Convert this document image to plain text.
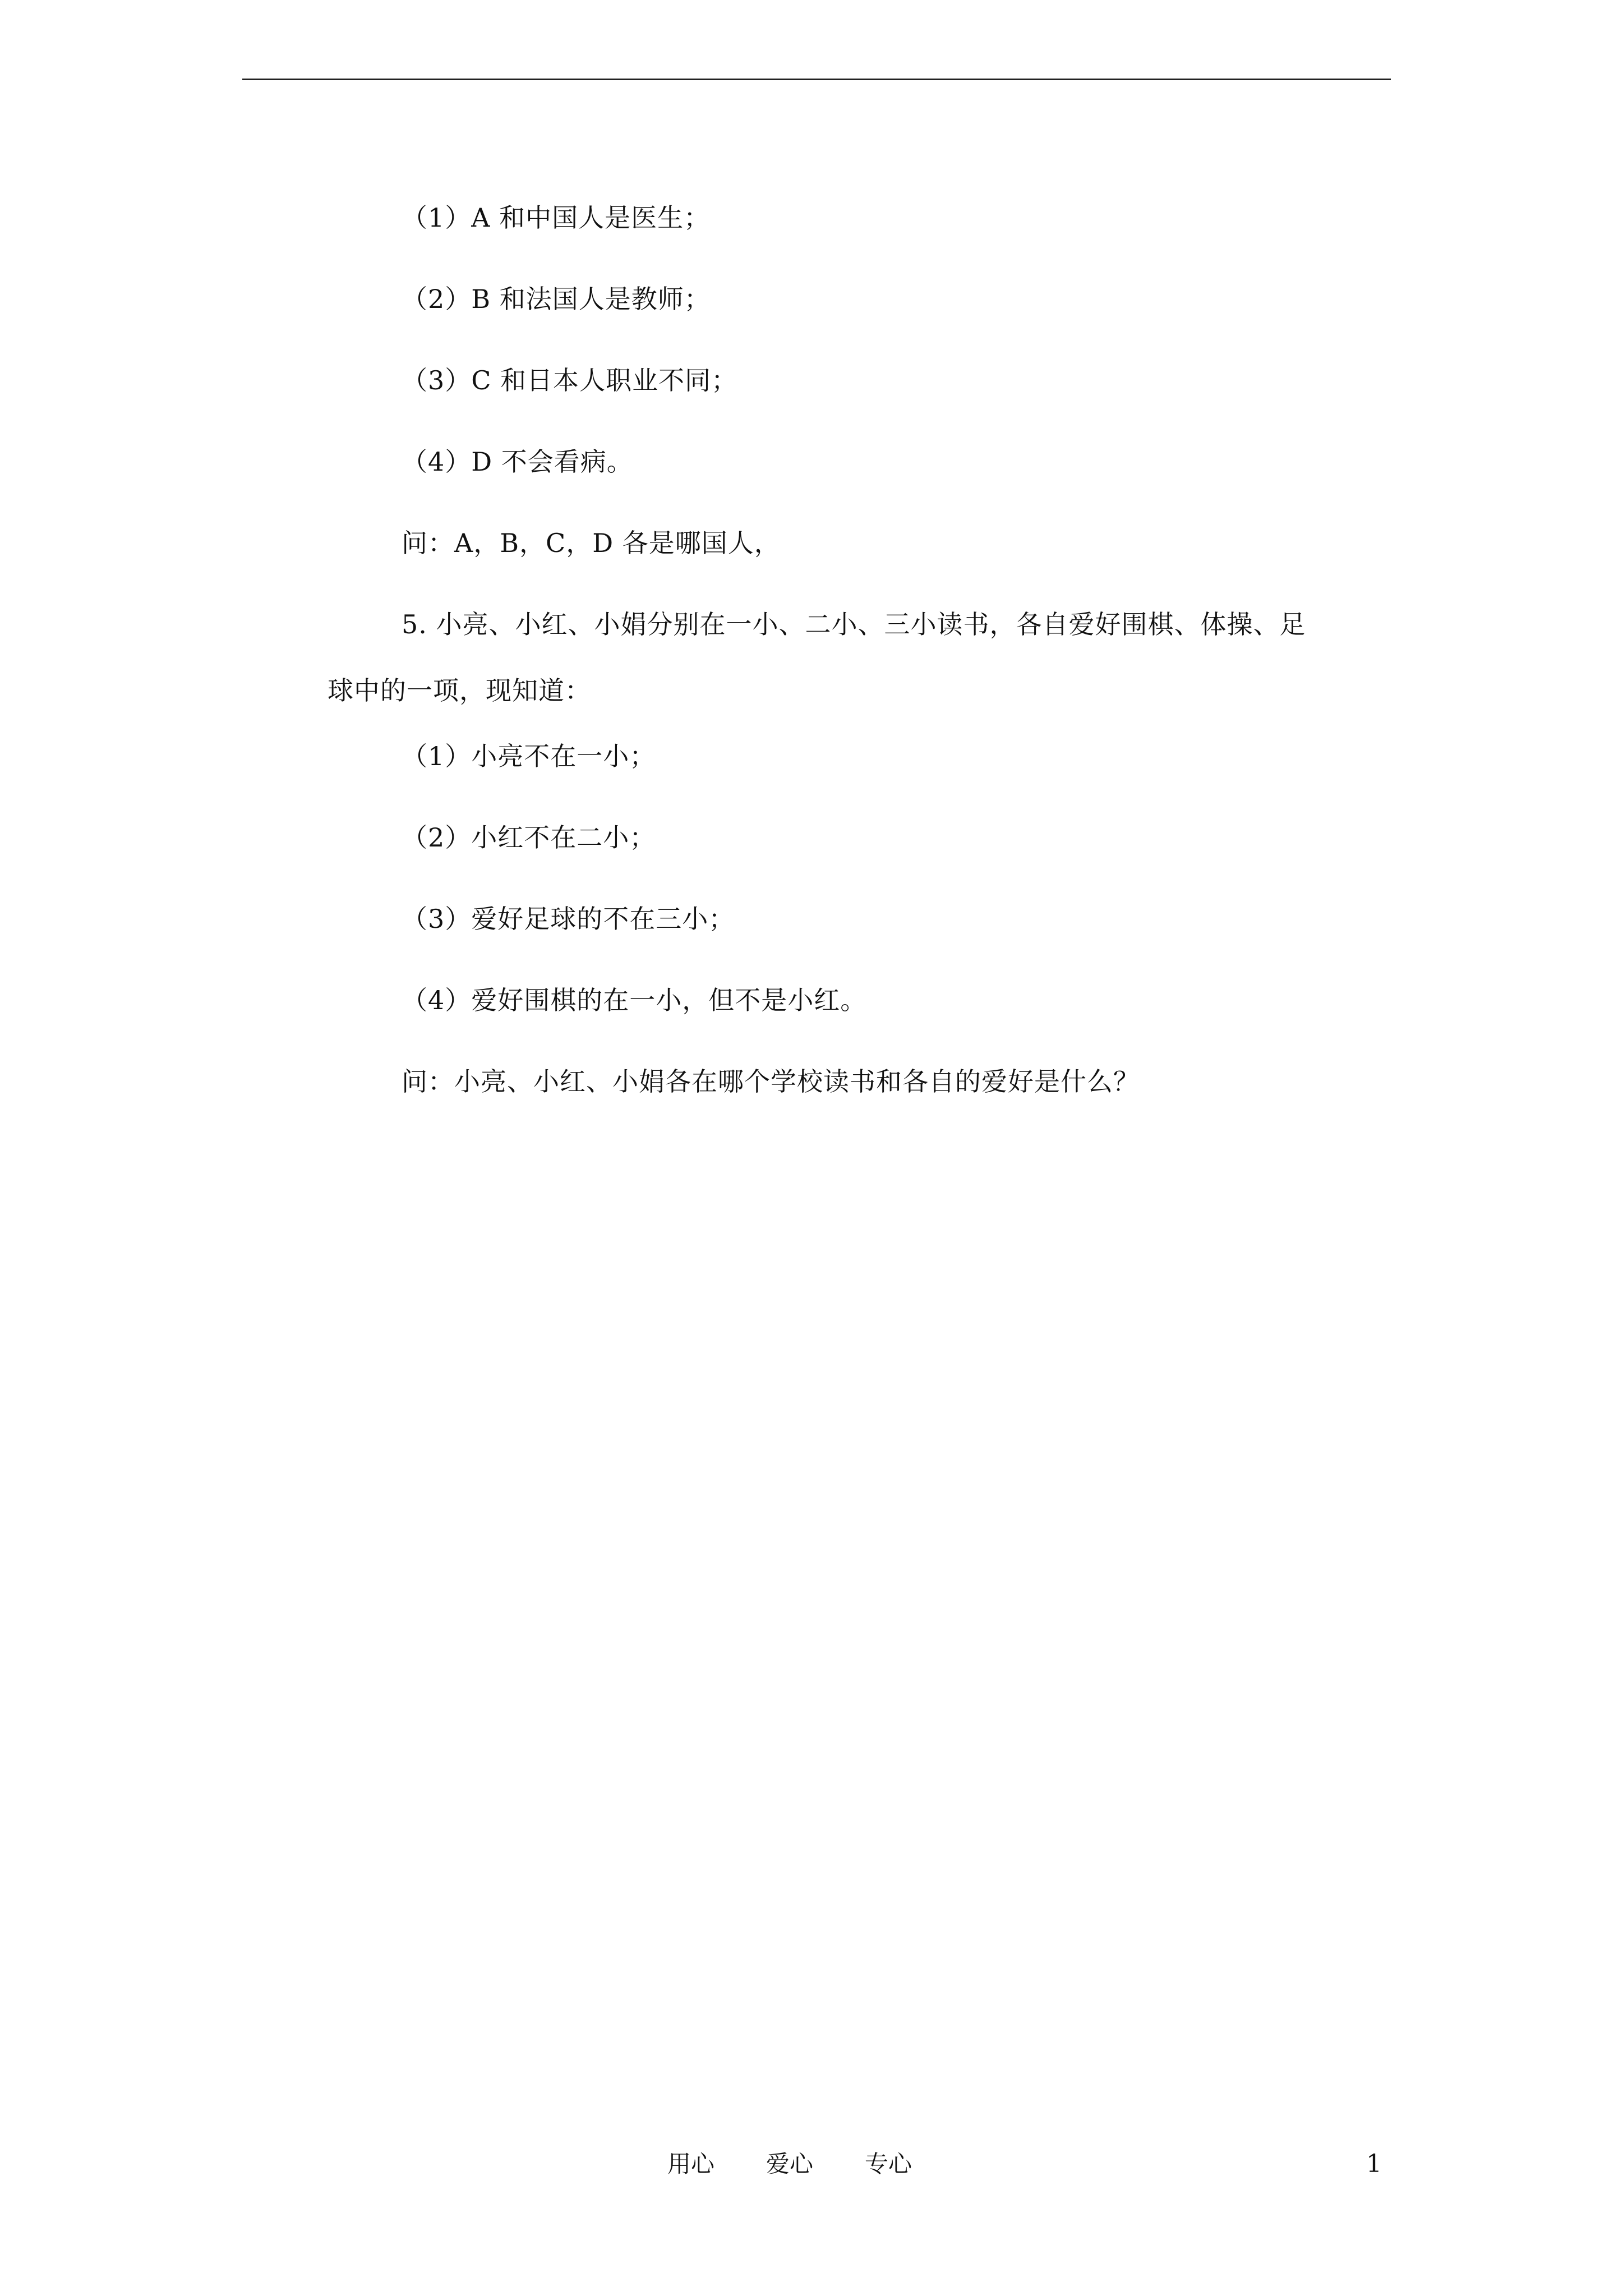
（1）A 和中国人是医生；
（2）B 和法国人是教师；
（3）C 和日本人职业不同；
（4）D 不会看病。
问：A，B，C，D 各是哪国人，
5. 小亮、小红、小娟分别在一小、二小、三小读书，各自爱好围棋、体操、足
球中的一项，现知道：
（1）小亮不在一小；
（2）小红不在二小；
（3）爱好足球的不在三小；
（4）爱好围棋的在一小，但不是小红。
问：小亮、小红、小娟各在哪个学校读书和各自的爱好是什么？
用心 爱心 专心	1
